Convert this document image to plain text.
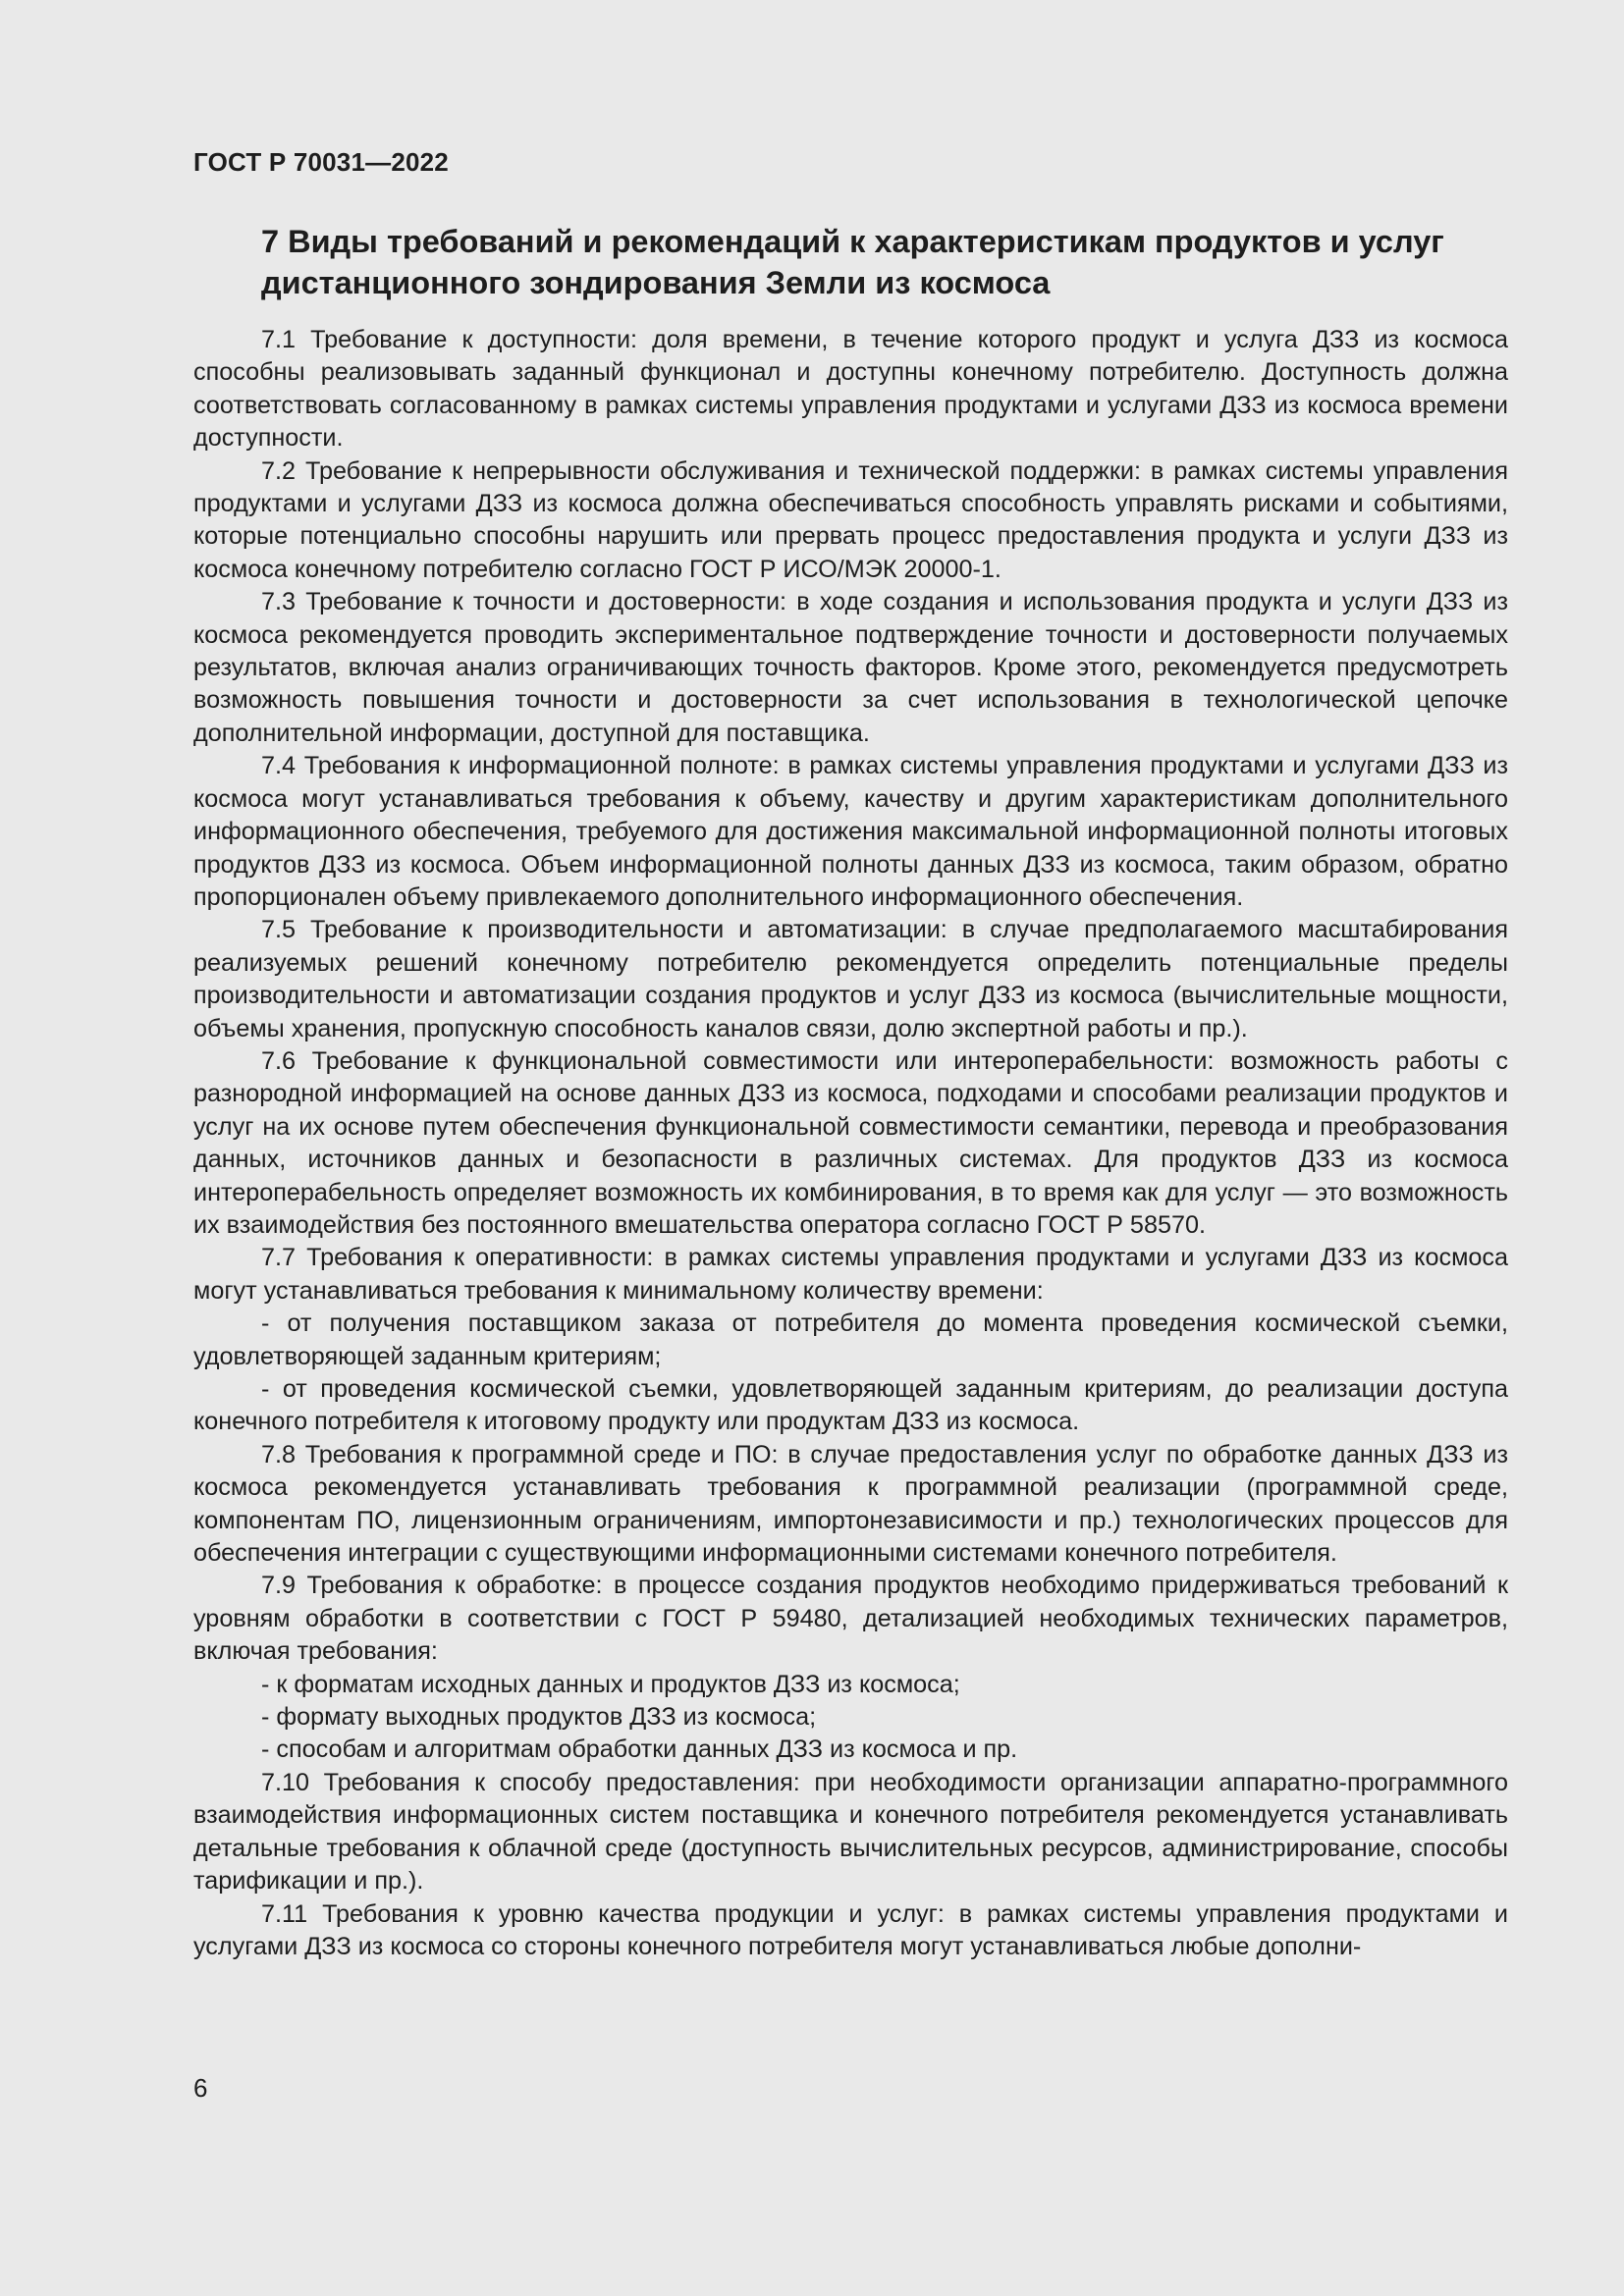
ГОСТ Р 70031—2022
7 Виды требований и рекомендаций к характеристикам продуктов и услуг дистанционного зондирования Земли из космоса

7.1 Требование к доступности: доля времени, в течение которого продукт и услуга ДЗЗ из космоса способны реализовывать заданный функционал и доступны конечному потребителю. Доступность должна соответствовать согласованному в рамках системы управления продуктами и услугами ДЗЗ из космоса времени доступности.

7.2 Требование к непрерывности обслуживания и технической поддержки: в рамках системы управления продуктами и услугами ДЗЗ из космоса должна обеспечиваться способность управлять рисками и событиями, которые потенциально способны нарушить или прервать процесс предоставления продукта и услуги ДЗЗ из космоса конечному потребителю согласно ГОСТ Р ИСО/МЭК 20000-1.

7.3 Требование к точности и достоверности: в ходе создания и использования продукта и услуги ДЗЗ из космоса рекомендуется проводить экспериментальное подтверждение точности и достоверности получаемых результатов, включая анализ ограничивающих точность факторов. Кроме этого, рекомендуется предусмотреть возможность повышения точности и достоверности за счет использования в технологической цепочке дополнительной информации, доступной для поставщика.

7.4 Требования к информационной полноте: в рамках системы управления продуктами и услугами ДЗЗ из космоса могут устанавливаться требования к объему, качеству и другим характеристикам дополнительного информационного обеспечения, требуемого для достижения максимальной информационной полноты итоговых продуктов ДЗЗ из космоса. Объем информационной полноты данных ДЗЗ из космоса, таким образом, обратно пропорционален объему привлекаемого дополнительного информационного обеспечения.

7.5 Требование к производительности и автоматизации: в случае предполагаемого масштабирования реализуемых решений конечному потребителю рекомендуется определить потенциальные пределы производительности и автоматизации создания продуктов и услуг ДЗЗ из космоса (вычислительные мощности, объемы хранения, пропускную способность каналов связи, долю экспертной работы и пр.).

7.6 Требование к функциональной совместимости или интероперабельности: возможность работы с разнородной информацией на основе данных ДЗЗ из космоса, подходами и способами реализации продуктов и услуг на их основе путем обеспечения функциональной совместимости семантики, перевода и преобразования данных, источников данных и безопасности в различных системах. Для продуктов ДЗЗ из космоса интероперабельность определяет возможность их комбинирования, в то время как для услуг — это возможность их взаимодействия без постоянного вмешательства оператора согласно ГОСТ Р 58570.

7.7 Требования к оперативности: в рамках системы управления продуктами и услугами ДЗЗ из космоса могут устанавливаться требования к минимальному количеству времени:

- от получения поставщиком заказа от потребителя до момента проведения космической съемки, удовлетворяющей заданным критериям;

- от проведения космической съемки, удовлетворяющей заданным критериям, до реализации доступа конечного потребителя к итоговому продукту или продуктам ДЗЗ из космоса.

7.8 Требования к программной среде и ПО: в случае предоставления услуг по обработке данных ДЗЗ из космоса рекомендуется устанавливать требования к программной реализации (программной среде, компонентам ПО, лицензионным ограничениям, импортонезависимости и пр.) технологических процессов для обеспечения интеграции с существующими информационными системами конечного потребителя.

7.9 Требования к обработке: в процессе создания продуктов необходимо придерживаться требований к уровням обработки в соответствии с ГОСТ Р 59480, детализацией необходимых технических параметров, включая требования:

- к форматам исходных данных и продуктов ДЗЗ из космоса;

- формату выходных продуктов ДЗЗ из космоса;

- способам и алгоритмам обработки данных ДЗЗ из космоса и пр.

7.10 Требования к способу предоставления: при необходимости организации аппаратно-программного взаимодействия информационных систем поставщика и конечного потребителя рекомендуется устанавливать детальные требования к облачной среде (доступность вычислительных ресурсов, администрирование, способы тарификации и пр.).

7.11 Требования к уровню качества продукции и услуг: в рамках системы управления продуктами и услугами ДЗЗ из космоса со стороны конечного потребителя могут устанавливаться любые дополни-

6
